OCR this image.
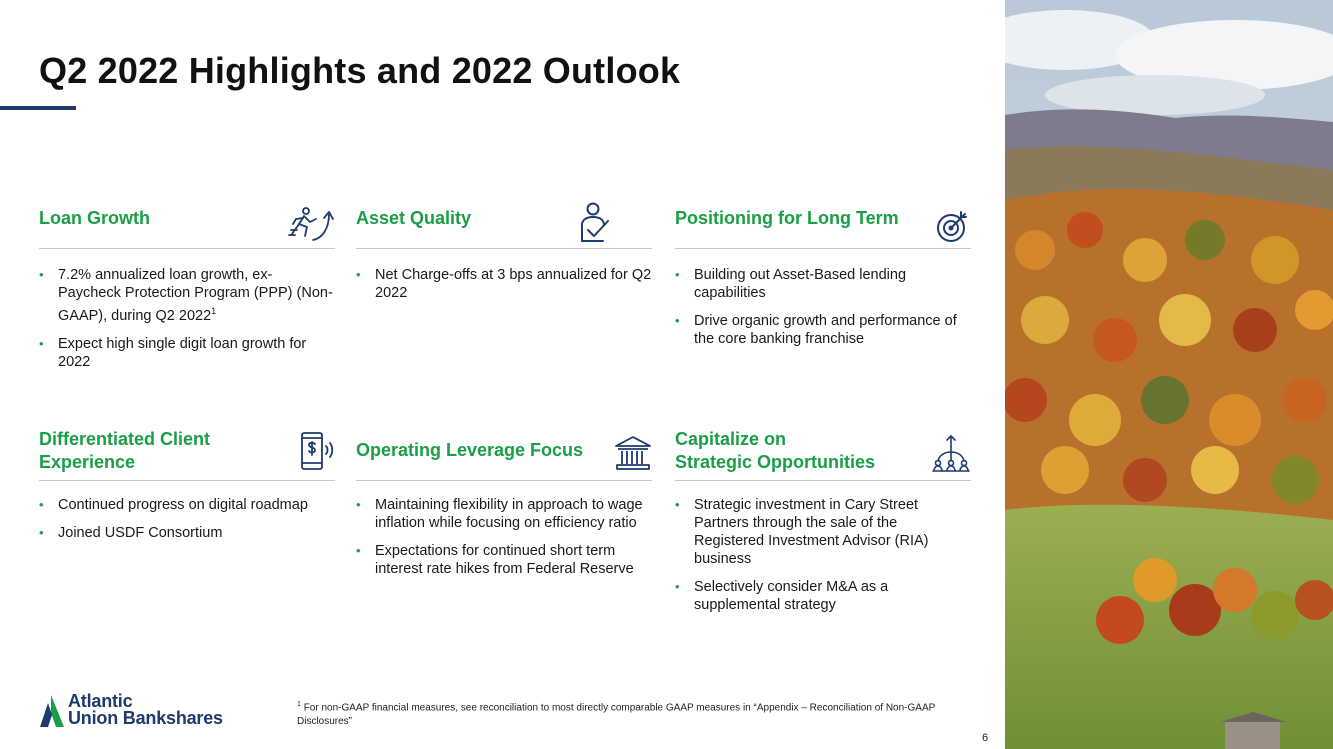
Q2 2022 Highlights and 2022 Outlook
Loan Growth
• 7.2% annualized loan growth, ex-Paycheck Protection Program (PPP) (Non-GAAP), during Q2 2022$^1$
• Expect high single digit loan growth for 2022
Asset Quality
• Net Charge-offs at 3 bps annualized for Q2 2022
Positioning for Long Term
• Building out Asset-Based lending capabilities
• Drive organic growth and performance of the core banking franchise
Differentiated Client
Experience
• Continued progress on digital roadmap
• Joined USDF Consortium
Operating Leverage Focus
• Maintaining flexibility in approach to wage inflation while focusing on efficiency ratio
• Expectations for continued short term interest rate hikes from Federal Reserve
Capitalize on
Strategic Opportunities
• Strategic investment in Cary Street Partners through the sale of the Registered Investment Advisor (RIA) business
• Selectively consider M&A as a supplemental strategy
Atlantic
Union Bankshares
$^1$ For non-GAAP financial measures, see reconciliation to most directly comparable GAAP measures in “Appendix – Reconciliation of Non-GAAP Disclosures”
6
